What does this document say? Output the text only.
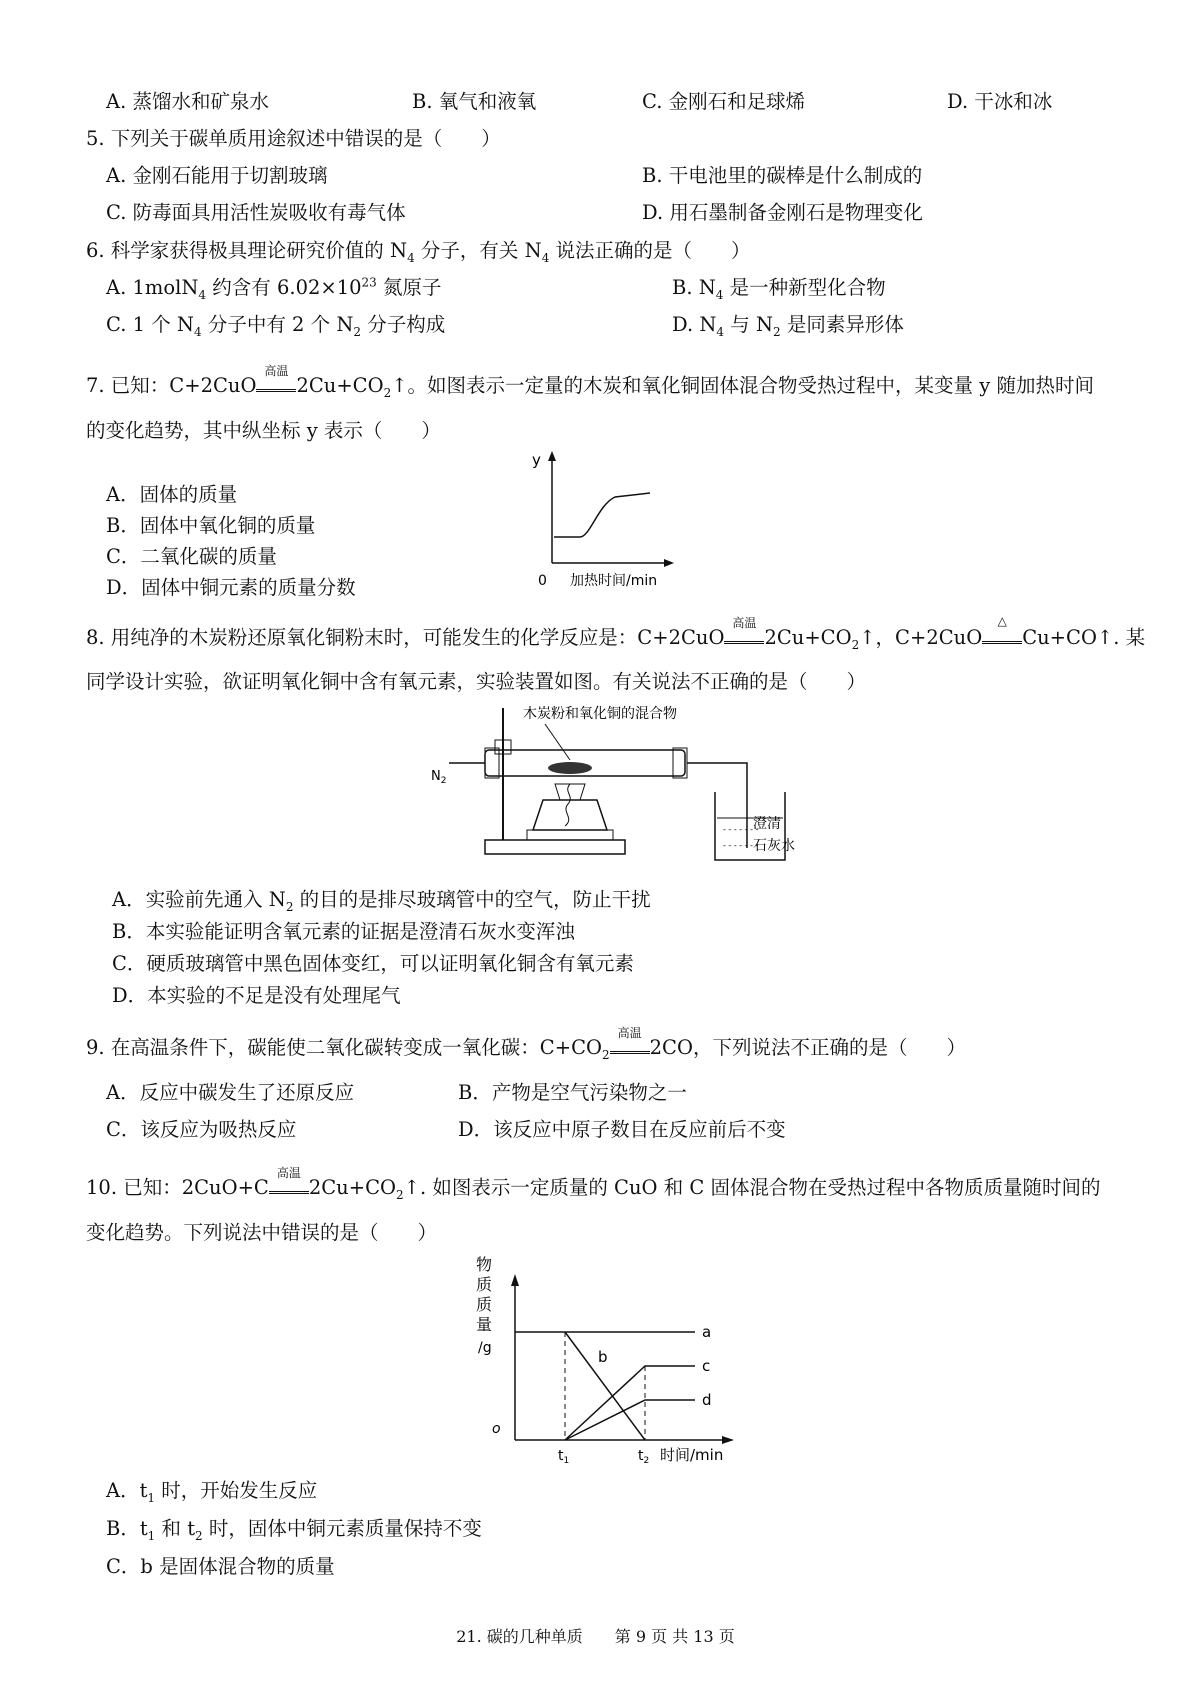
A. 蒸馏水和矿泉水	B. 氧气和液氧	C. 金刚石和足球烯	D. 干冰和冰
5. 下列关于碳单质用途叙述中错误的是（　　）
A. 金刚石能用于切割玻璃	B. 干电池里的碳棒是什么制成的
C. 防毒面具用活性炭吸收有毒气体	D. 用石墨制备金刚石是物理变化
6. 科学家获得极具理论研究价值的 $N_4$ 分子，有关 $N_4$ 说法正确的是（　　）
A. 1molN$_4$ 约含有 $6.02\times 10^{23}$ 氮原子	B. $N_4$ 是一种新型化合物
C. 1 个 $N_4$ 分子中有 2 个 $N_2$ 分子构成	D. $N_4$ 与 $N_2$ 是同素异形体
7. 已知：C+2CuO
高温
$2Cu+CO_2↑$。如图表示一定量的木炭和氧化铜固体混合物受热过程中，某变量 y 随加热时间
的变化趋势，其中纵坐标 y 表示（　　）
A．固体的质量
B．固体中氧化铜的质量
C．二氧化碳的质量
D．固体中铜元素的质量分数
y
0 加热时间/min
8. 用纯净的木炭粉还原氧化铜粉末时，可能发生的化学反应是：C+2CuO
高温
$2Cu+CO_2↑$，C+2CuO
△
Cu+CO↑. 某
同学设计实验，欲证明氧化铜中含有氧元素，实验装置如图。有关说法不正确的是（　　）
$N_2$
木炭粉和氧化铜的混合物
- - - - - - -
- - - - - - -
澄清
石灰水
A．实验前先通入 $N_2$ 的目的是排尽玻璃管中的空气，防止干扰
B．本实验能证明含氧元素的证据是澄清石灰水变浑浊
C．硬质玻璃管中黑色固体变红，可以证明氧化铜含有氧元素
D．本实验的不足是没有处理尾气
9. 在高温条件下，碳能使二氧化碳转变成一氧化碳：$C+CO_2$
高温
2CO，下列说法不正确的是（　　）
A．反应中碳发生了还原反应	B．产物是空气污染物之一
C．该反应为吸热反应	D．该反应中原子数目在反应前后不变
10. 已知：2CuO+C
高温
$2Cu+CO_2↑$. 如图表示一定质量的 CuO 和 C 固体混合物在受热过程中各物质质量随时间的
变化趋势。下列说法中错误的是（　　）
物
质
质
量
/g
a
b	c
d
o
$t_1$	$t_2$ 时间/min
A．$t_1$ 时，开始发生反应
B．$t_1$ 和 $t_2$ 时，固体中铜元素质量保持不变
C．b 是固体混合物的质量
21. 碳的几种单质　　第 9 页 共 13 页
